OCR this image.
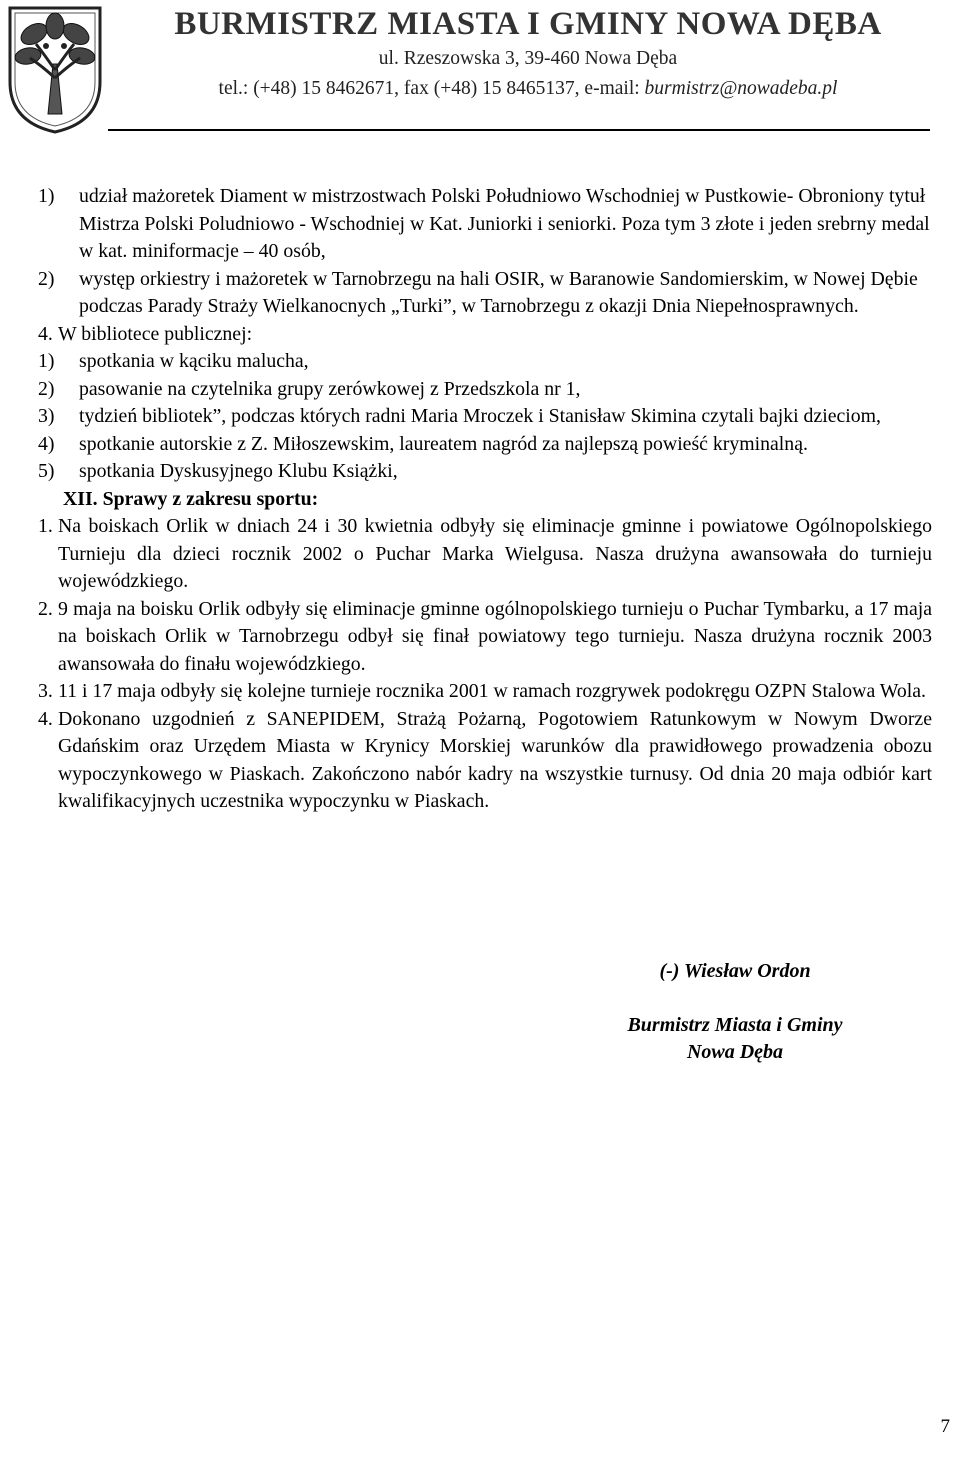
BURMISTRZ MIASTA I GMINY NOWA DĘBA
ul. Rzeszowska 3, 39-460 Nowa Dęba
tel.: (+48) 15 8462671, fax (+48) 15 8465137, e-mail: burmistrz@nowadeba.pl
1)	udział mażoretek Diament w mistrzostwach Polski Południowo Wschodniej w Pustkowie- Obroniony tytuł Mistrza Polski Poludniowo - Wschodniej w Kat. Juniorki i seniorki. Poza tym 3 złote i jeden srebrny medal w kat. miniformacje – 40 osób,
2)	występ orkiestry i mażoretek w Tarnobrzegu na hali OSIR, w Baranowie Sandomierskim, w Nowej Dębie podczas Parady Straży Wielkanocnych „Turki”, w Tarnobrzegu z okazji Dnia Niepełnosprawnych.
4. W bibliotece publicznej:
1)	spotkania w kąciku malucha,
2)	pasowanie na czytelnika grupy zerówkowej z Przedszkola nr 1,
3)	tydzień bibliotek”, podczas których radni Maria Mroczek i Stanisław Skimina czytali bajki dzieciom,
4)	spotkanie autorskie z Z. Miłoszewskim, laureatem nagród za najlepszą powieść kryminalną.
5)	spotkania Dyskusyjnego Klubu Książki,

XII. Sprawy z zakresu sportu:

1. Na boiskach Orlik w dniach 24 i 30 kwietnia odbyły się eliminacje gminne i powiatowe Ogólnopolskiego Turnieju dla dzieci rocznik 2002 o Puchar Marka Wielgusa. Nasza drużyna awansowała do turnieju wojewódzkiego.
2. 9 maja na boisku Orlik odbyły się eliminacje gminne ogólnopolskiego turnieju o Puchar Tymbarku, a 17 maja na boiskach Orlik w Tarnobrzegu odbył się finał powiatowy tego turnieju. Nasza drużyna rocznik 2003 awansowała do finału wojewódzkiego.
3. 11 i 17 maja odbyły się kolejne turnieje rocznika 2001 w ramach rozgrywek podokręgu OZPN Stalowa Wola.
4. Dokonano uzgodnień z SANEPIDEM, Strażą Pożarną, Pogotowiem Ratunkowym w Nowym Dworze Gdańskim oraz Urzędem Miasta w Krynicy Morskiej warunków dla prawidłowego prowadzenia obozu wypoczynkowego w Piaskach. Zakończono nabór kadry na wszystkie turnusy. Od dnia 20 maja odbiór kart kwalifikacyjnych uczestnika wypoczynku w Piaskach.
(-) Wiesław Ordon
Burmistrz Miasta i Gminy
Nowa Dęba
7
